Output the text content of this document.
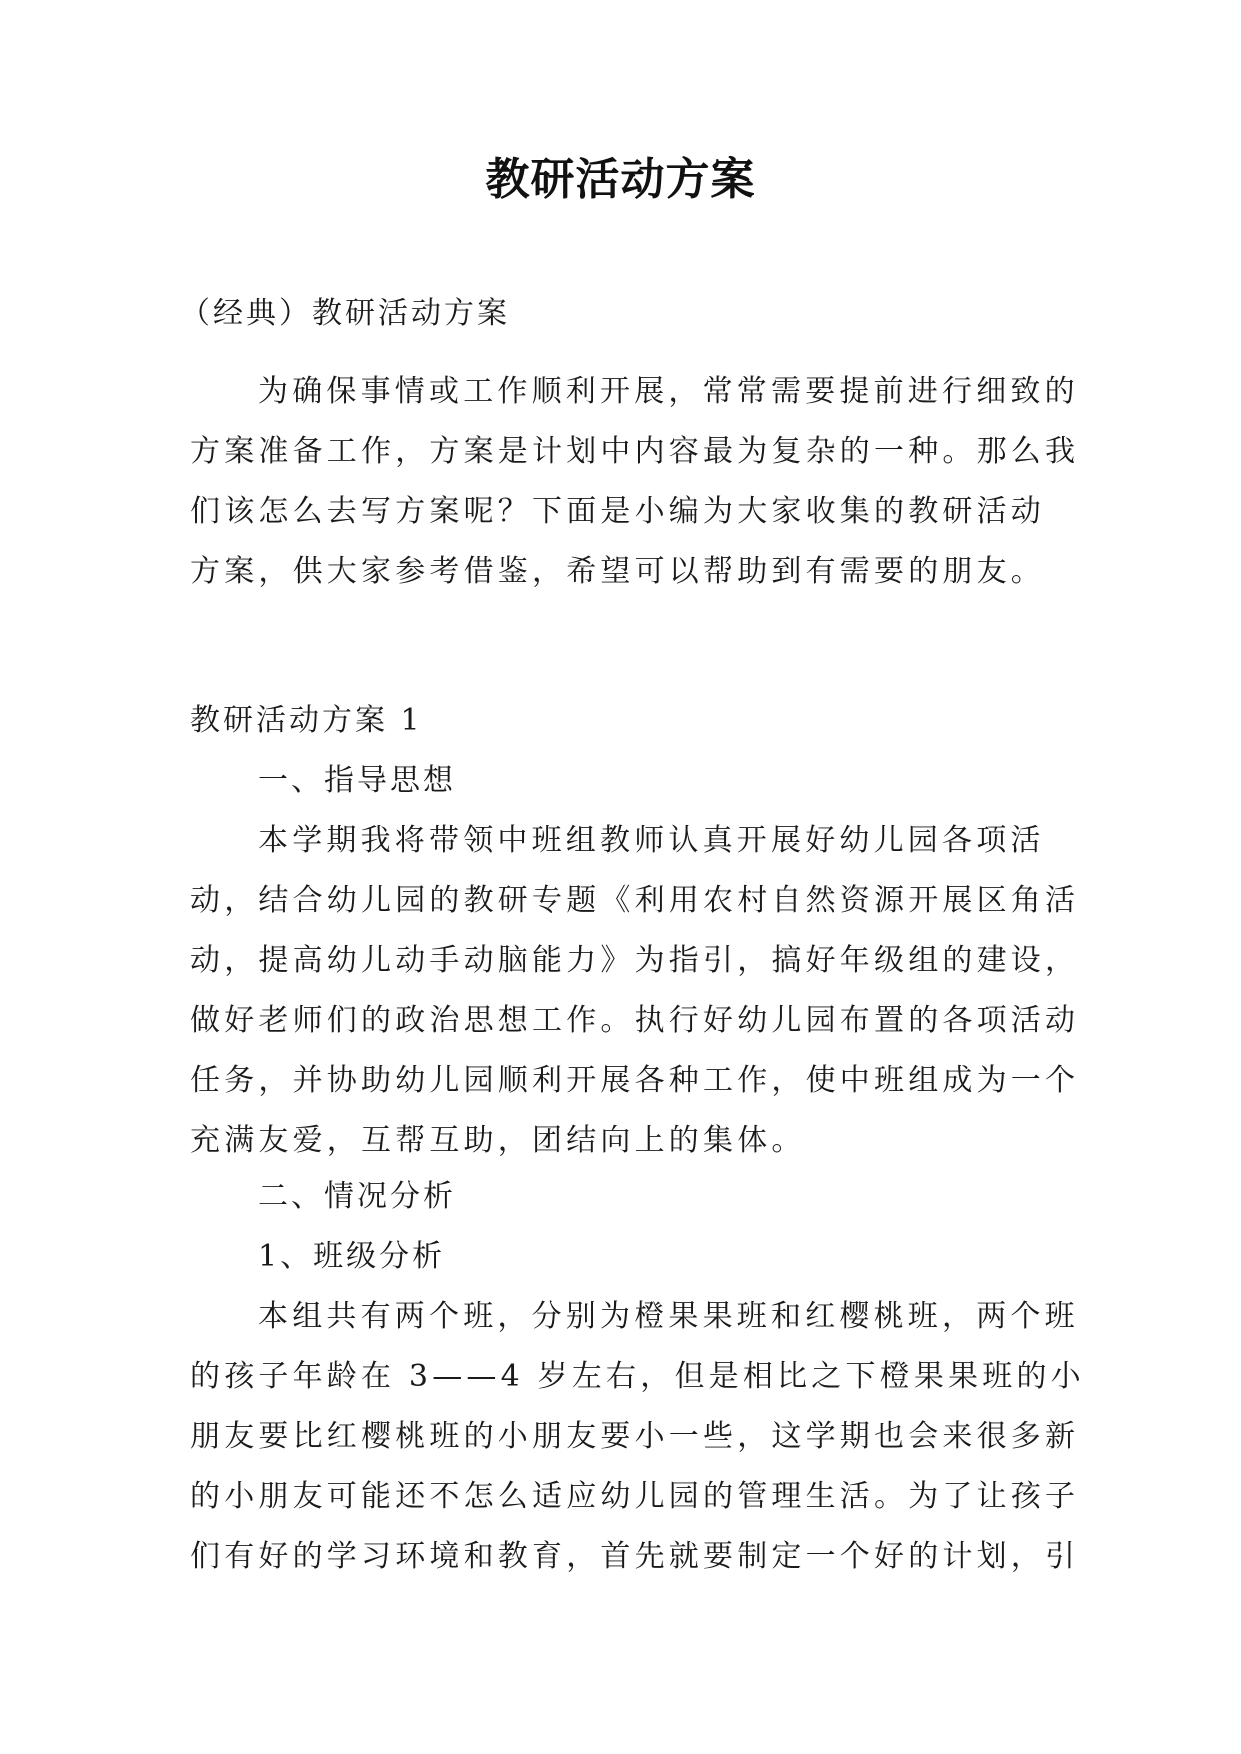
教研活动方案
（经典）教研活动方案
为确保事情或工作顺利开展，常常需要提前进行细致的
方案准备工作，方案是计划中内容最为复杂的一种。那么我
们该怎么去写方案呢？下面是小编为大家收集的教研活动
方案，供大家参考借鉴，希望可以帮助到有需要的朋友。
教研活动方案 1
一、指导思想
本学期我将带领中班组教师认真开展好幼儿园各项活
动，结合幼儿园的教研专题《利用农村自然资源开展区角活
动，提高幼儿动手动脑能力》为指引，搞好年级组的建设，
做好老师们的政治思想工作。执行好幼儿园布置的各项活动
任务，并协助幼儿园顺利开展各种工作，使中班组成为一个
充满友爱，互帮互助，团结向上的集体。
二、情况分析
1、班级分析
本组共有两个班，分别为橙果果班和红樱桃班，两个班
的孩子年龄在 3——4 岁左右，但是相比之下橙果果班的小
朋友要比红樱桃班的小朋友要小一些，这学期也会来很多新
的小朋友可能还不怎么适应幼儿园的管理生活。为了让孩子
们有好的学习环境和教育，首先就要制定一个好的计划，引
